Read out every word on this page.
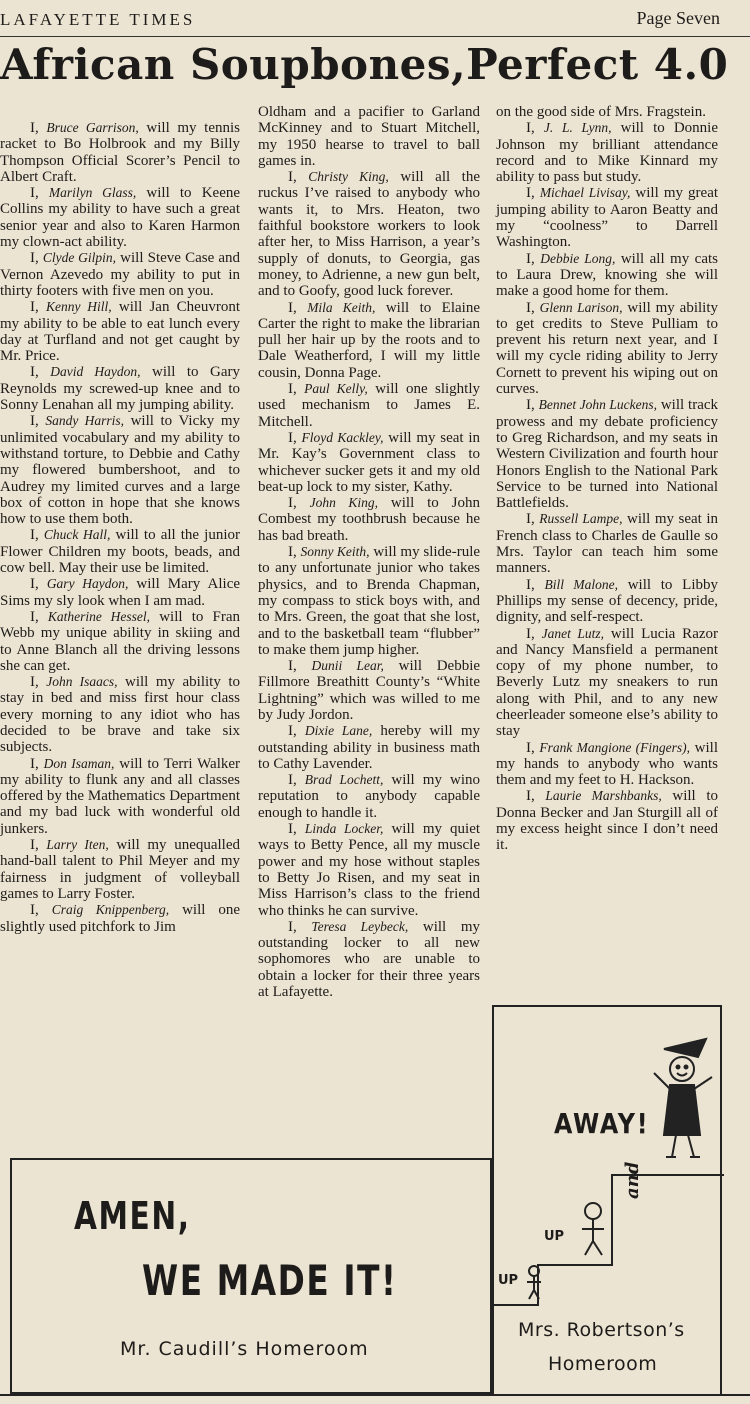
LAFAYETTE TIMES	Page Seven
African Soupbones,Perfect 4.0

I, Bruce Garrison, will my tennis racket to Bo Holbrook and my Billy Thompson Official Scorer’s Pencil to Albert Craft.

I, Marilyn Glass, will to Keene Collins my ability to have such a great senior year and also to Karen Harmon my clown-act ability.

I, Clyde Gilpin, will Steve Case and Vernon Azevedo my ability to put in thirty footers with five men on you.

I, Kenny Hill, will Jan Cheuvront my ability to be able to eat lunch every day at Turfland and not get caught by Mr. Price.

I, David Haydon, will to Gary Reynolds my screwed-up knee and to Sonny Lenahan all my jumping ability.

I, Sandy Harris, will to Vicky my unlimited vocabulary and my ability to withstand torture, to Debbie and Cathy my flowered bumbershoot, and to Audrey my limited curves and a large box of cotton in hope that she knows how to use them both.

I, Chuck Hall, will to all the junior Flower Children my boots, beads, and cow bell. May their use be limited.

I, Gary Haydon, will Mary Alice Sims my sly look when I am mad.

I, Katherine Hessel, will to Fran Webb my unique ability in skiing and to Anne Blanch all the driving lessons she can get.

I, John Isaacs, will my ability to stay in bed and miss first hour class every morning to any idiot who has decided to be brave and take six subjects.

I, Don Isaman, will to Terri Walker my ability to flunk any and all classes offered by the Mathematics Department and my bad luck with wonderful old junkers.

I, Larry Iten, will my unequalled hand-ball talent to Phil Meyer and my fairness in judgment of volleyball games to Larry Foster.

I, Craig Knippenberg, will one slightly used pitchfork to Jim

Oldham and a pacifier to Garland McKinney and to Stuart Mitchell, my 1950 hearse to travel to ball games in.

I, Christy King, will all the ruckus I’ve raised to anybody who wants it, to Mrs. Heaton, two faithful bookstore workers to look after her, to Miss Harrison, a year’s supply of donuts, to Georgia, gas money, to Adrienne, a new gun belt, and to Goofy, good luck forever.

I, Mila Keith, will to Elaine Carter the right to make the librarian pull her hair up by the roots and to Dale Weatherford, I will my little cousin, Donna Page.

I, Paul Kelly, will one slightly used mechanism to James E. Mitchell.

I, Floyd Kackley, will my seat in Mr. Kay’s Government class to whichever sucker gets it and my old beat-up lock to my sister, Kathy.

I, John King, will to John Combest my toothbrush because he has bad breath.

I, Sonny Keith, will my slide-rule to any unfortunate junior who takes physics, and to Brenda Chapman, my compass to stick boys with, and to Mrs. Green, the goat that she lost, and to the basketball team “flubber” to make them jump higher.

I, Dunii Lear, will Debbie Fillmore Breathitt County’s “White Lightning” which was willed to me by Judy Jordon.

I, Dixie Lane, hereby will my outstanding ability in business math to Cathy Lavender.

I, Brad Lochett, will my wino reputation to anybody capable enough to handle it.

I, Linda Locker, will my quiet ways to Betty Pence, all my muscle power and my hose without staples to Betty Jo Risen, and my seat in Miss Harrison’s class to the friend who thinks he can survive.

I, Teresa Leybeck, will my outstanding locker to all new sophomores who are unable to obtain a locker for their three years at Lafayette.

on the good side of Mrs. Fragstein.

I, J. L. Lynn, will to Donnie Johnson my brilliant attendance record and to Mike Kinnard my ability to pass but study.

I, Michael Livisay, will my great jumping ability to Aaron Beatty and my “coolness” to Darrell Washington.

I, Debbie Long, will all my cats to Laura Drew, knowing she will make a good home for them.

I, Glenn Larison, will my ability to get credits to Steve Pulliam to prevent his return next year, and I will my cycle riding ability to Jerry Cornett to prevent his wiping out on curves.

I, Bennet John Luckens, will track prowess and my debate proficiency to Greg Richardson, and my seats in Western Civilization and fourth hour Honors English to the National Park Service to be turned into National Battlefields.

I, Russell Lampe, will my seat in French class to Charles de Gaulle so Mrs. Taylor can teach him some manners.

I, Bill Malone, will to Libby Phillips my sense of decency, pride, dignity, and self-respect.

I, Janet Lutz, will Lucia Razor and Nancy Mansfield a permanent copy of my phone number, to Beverly Lutz my sneakers to run along with Phil, and to any new cheerleader someone else’s ability to stay

I, Frank Mangione (Fingers), will my hands to anybody who wants them and my feet to H. Hackson.

I, Laurie Marshbanks, will to Donna Becker and Jan Sturgill all of my excess height since I don’t need it.

AMEN,
WE MADE IT!
Mr. Caudill’s Homeroom
AWAY!
and
UP
UP
Mrs. Robertson’s
Homeroom
